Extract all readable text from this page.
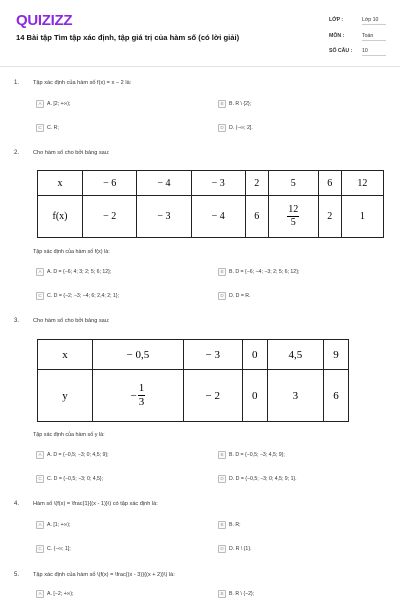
QUIZIZZ
14 Bài tập Tìm tập xác định, tập giá trị của hàm số (có lời giải)
LỚP :	Lớp 10
MÔN :	Toán
SỐ CÂU : 10
1. Tập xác định của hàm số f(x) = x − 2 là:
A	A. [2; +∞);	B	B. R \ {2};
C	C. R;	D	D. (−∞; 2].
2. Cho hàm số cho bởi bảng sau:
x	− 6	− 4	− 3	2	5	6	12
f(x)	− 2	− 3	− 4	6	$\frac{12}{5}$	2	1
Tập xác định của hàm số f(x) là:
A	A. D = {−6; 4; 3; 2; 5; 6; 12};	B	B. D = {−6; −4; −3; 2; 5; 6; 12};
C	C. D = {−2; −3; −4; 6; 2,4; 2; 1};	D	D. D = R.
3. Cho hàm số cho bởi bảng sau:
x	− 0,5	− 3	0	4,5	9
y	− $\frac{1}{3}$	− 2	0	3	6
Tập xác định của hàm số y là:
A	A. D = {−0,5; −3; 0; 4,5; 9};	B	B. D = {−0,5; −3; 4,5; 9};
C	C. D = {−0,5; −3; 0; 4,5};	D	D. D = {−0,5; −3; 0; 4,5; 9; 1}.
4. Hàm số \(f(x) = \frac{1}{(x - 1)}\) có tập xác định là:
A	A. [1; +∞);	B	B. R;
C	C. (−∞; 1];	D	D. R \ {1}.
5. Tập xác định của hàm số \(f(x) = \frac{(x - 3)}{(x + 2)}\) là:
A	A. [−2; +∞);	B	B. R \ {−2};
